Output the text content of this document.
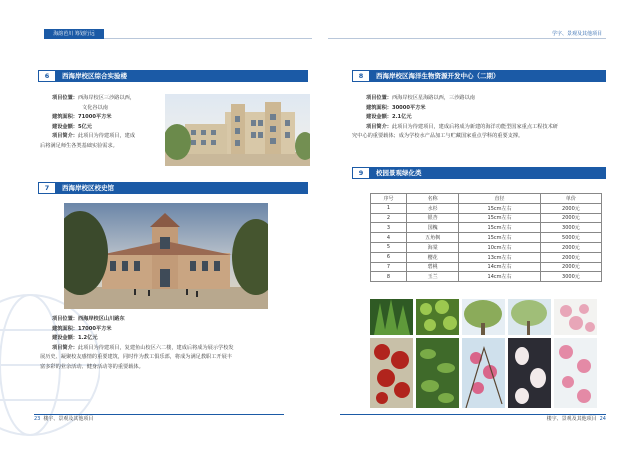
海韵芭川 筹划行远	学字、景观及其他项目
6 西海岸校区综合实验楼
项目位置：西海岸校区三沙路以西，
文化谷以南
建筑面积：71000平方米
建设金额：5亿元
项目简介：此项目为待建项目，建成
后将满足师生各类基础实验需求。
7 西海岸校区校史馆
项目位置：西海岸校区山川路东
建筑面积：17000平方米
建设金额：1.2亿元
项目简介：此项目为待建项目，复建鱼山校区六二楼，建成后将成为展示学校发
展历史、凝聚校友感情的重要建筑，同时作为教工俱乐部，将成为满足教职工开展丰
富多彩的业余活动、健身活动等的重要载体。
8 西海岸校区海洋生物资源开发中心（二期）
项目位置：西海岸校区星海路以西，三沙路以南
建筑面积：30000平方米
建设金额：2.1亿元
项目简介：此项目为待建项目，建成后将成为新建的海洋功能型国家重点工程技术研
究中心的重要载体；成为学校水产品加工与贮藏国家重点学科的重要支撑。
9 校园景观绿化类
序号	名称	直径	单价
1	水杉	15cm左右	2000元
2	银杏	15cm左右	2000元
3	国槐	15cm左右	3000元
4	五角枫	15cm左右	5000元
5	海棠	10cm左右	2000元
6	樱花	13cm左右	2000元
7	碧桃	14cm左右	2000元
8	玉兰	14cm左右	3000元
23 楼宇、景观及其他项目	楼宇、景观及其他项目 24
